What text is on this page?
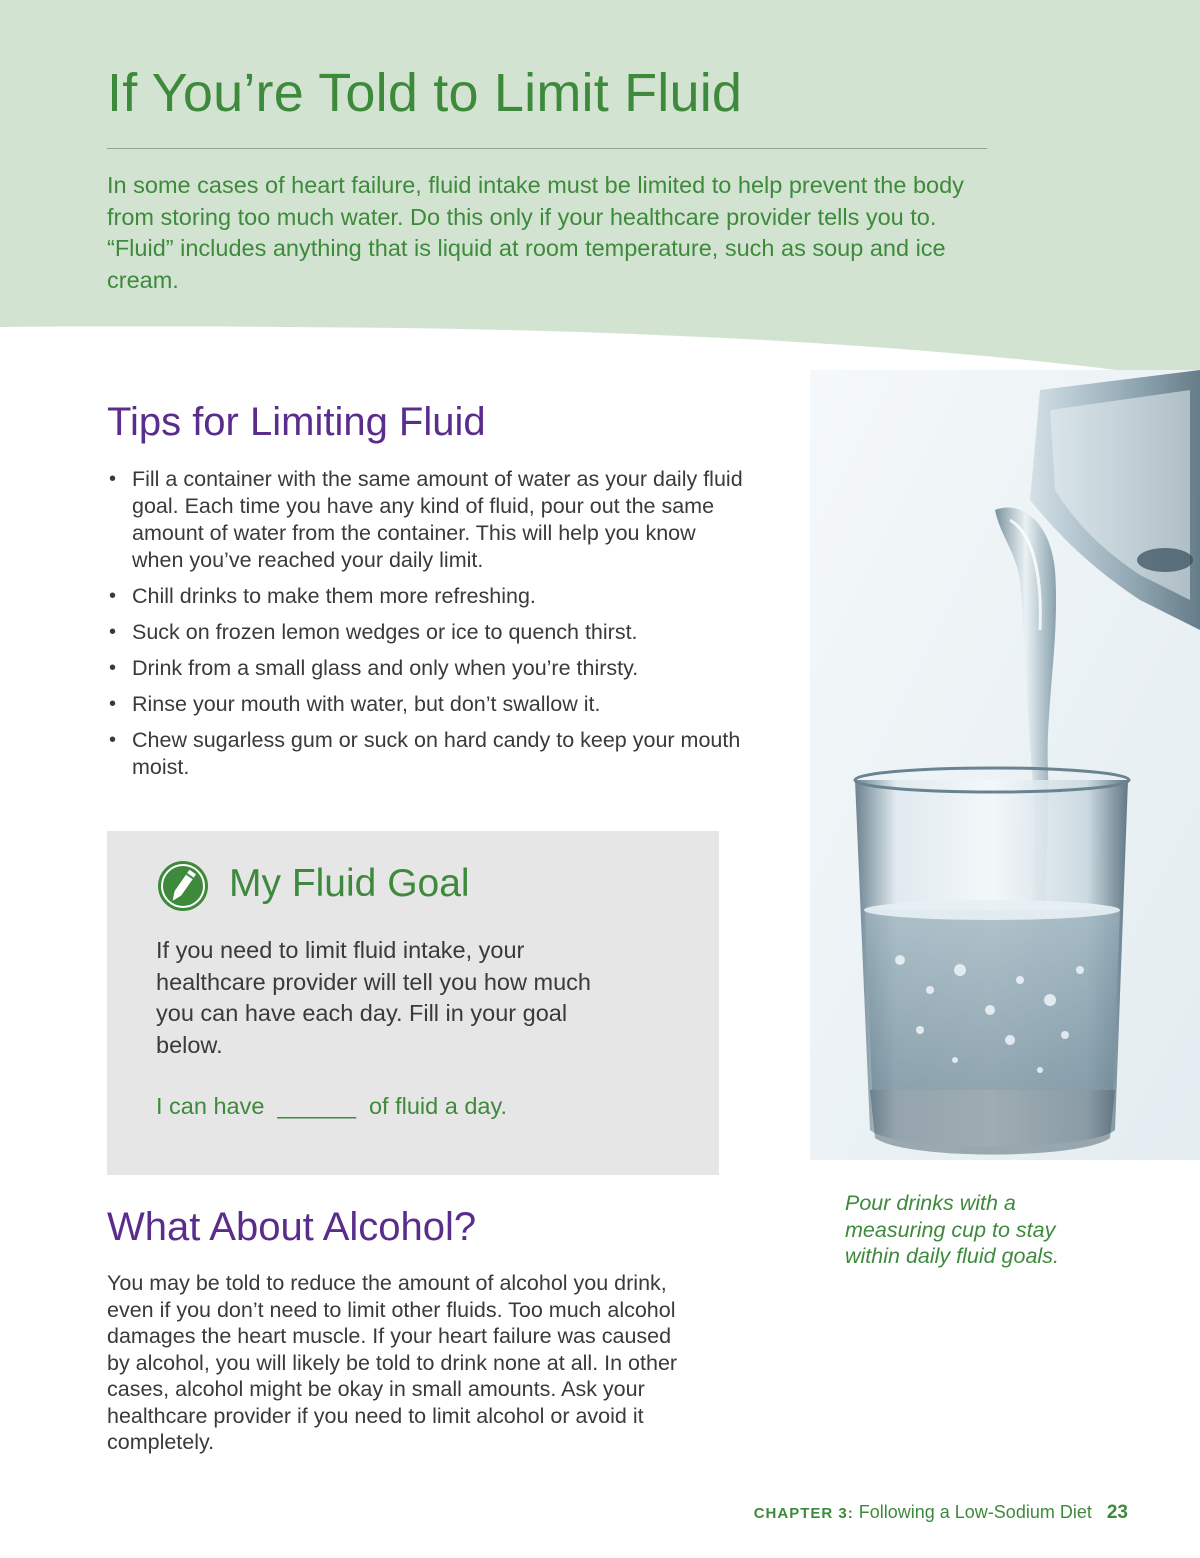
If You’re Told to Limit Fluid

In some cases of heart failure, fluid intake must be limited to help prevent the body from storing too much water. Do this only if your healthcare provider tells you to. “Fluid” includes anything that is liquid at room temperature, such as soup and ice cream.

Tips for Limiting Fluid
• Fill a container with the same amount of water as your daily fluid goal. Each time you have any kind of fluid, pour out the same amount of water from the container. This will help you know when you’ve reached your daily limit.
• Chill drinks to make them more refreshing.
• Suck on frozen lemon wedges or ice to quench thirst.
• Drink from a small glass and only when you’re thirsty.
• Rinse your mouth with water, but don’t swallow it.
• Chew sugarless gum or suck on hard candy to keep your mouth moist.
My Fluid Goal

If you need to limit fluid intake, your healthcare provider will tell you how much you can have each day. Fill in your goal below.

I can have  ______  of fluid a day.

What About Alcohol?

You may be told to reduce the amount of alcohol you drink, even if you don’t need to limit other fluids. Too much alcohol damages the heart muscle. If your heart failure was caused by alcohol, you will likely be told to drink none at all. In other cases, alcohol might be okay in small amounts. Ask your healthcare provider if you need to limit alcohol or avoid it completely.

Pour drinks with a measuring cup to stay within daily fluid goals.

CHAPTER 3: Following a Low-Sodium Diet 23
